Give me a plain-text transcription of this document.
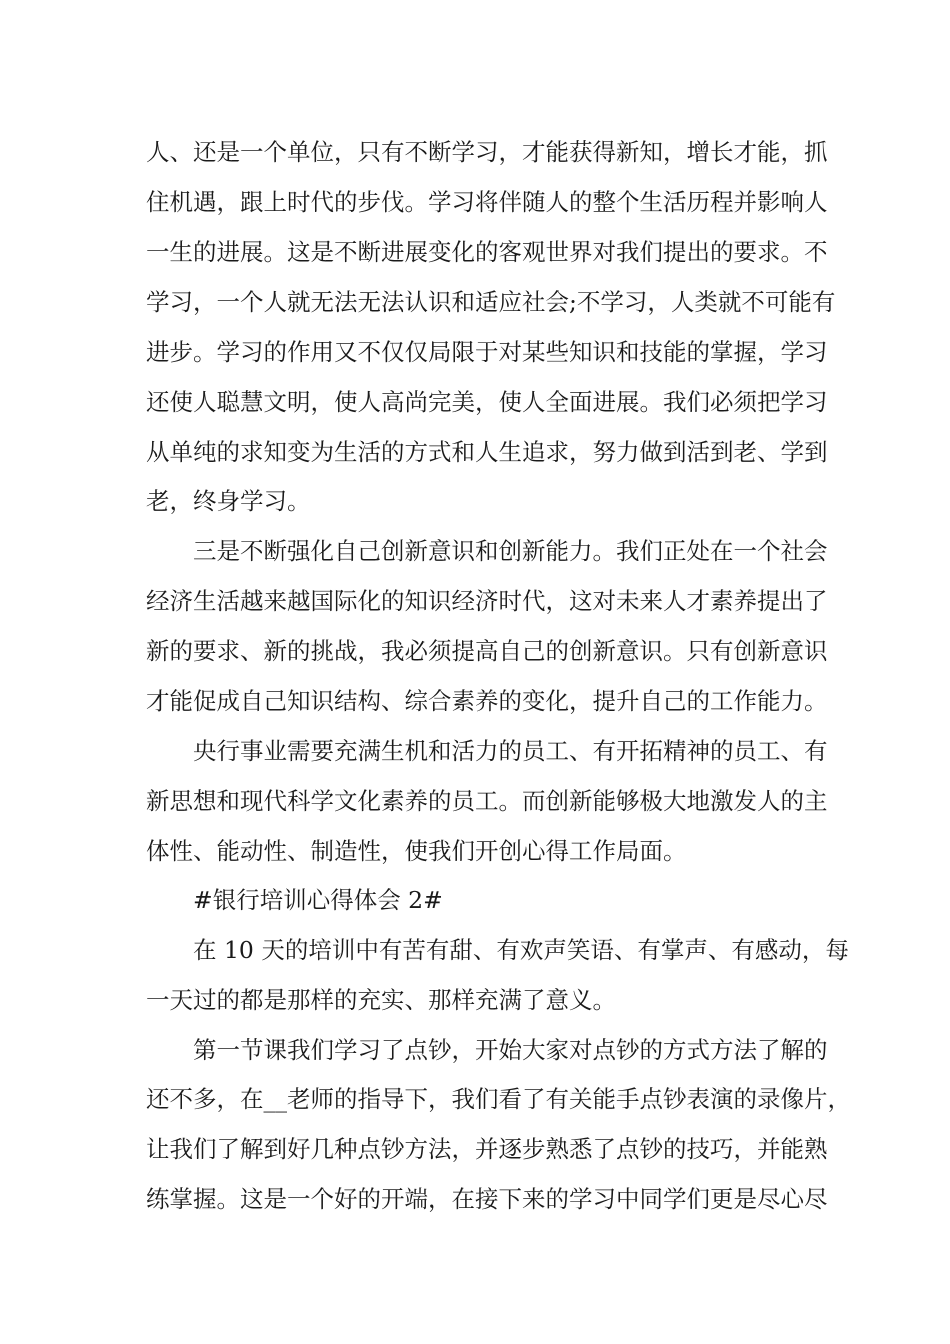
人、还是一个单位，只有不断学习，才能获得新知，增长才能，抓
住机遇，跟上时代的步伐。学习将伴随人的整个生活历程并影响人
一生的进展。这是不断进展变化的客观世界对我们提出的要求。不
学习，一个人就无法无法认识和适应社会;不学习，人类就不可能有
进步。学习的作用又不仅仅局限于对某些知识和技能的掌握，学习
还使人聪慧文明，使人高尚完美，使人全面进展。我们必须把学习
从单纯的求知变为生活的方式和人生追求，努力做到活到老、学到
老，终身学习。
三是不断强化自己创新意识和创新能力。我们正处在一个社会
经济生活越来越国际化的知识经济时代，这对未来人才素养提出了
新的要求、新的挑战，我必须提高自己的创新意识。只有创新意识
才能促成自己知识结构、综合素养的变化，提升自己的工作能力。
央行事业需要充满生机和活力的员工、有开拓精神的员工、有
新思想和现代科学文化素养的员工。而创新能够极大地激发人的主
体性、能动性、制造性，使我们开创心得工作局面。
#银行培训心得体会 2#
在 10 天的培训中有苦有甜、有欢声笑语、有掌声、有感动，每
一天过的都是那样的充实、那样充满了意义。
第一节课我们学习了点钞，开始大家对点钞的方式方法了解的
还不多，在__老师的指导下，我们看了有关能手点钞表演的录像片，
让我们了解到好几种点钞方法，并逐步熟悉了点钞的技巧，并能熟
练掌握。这是一个好的开端，在接下来的学习中同学们更是尽心尽
